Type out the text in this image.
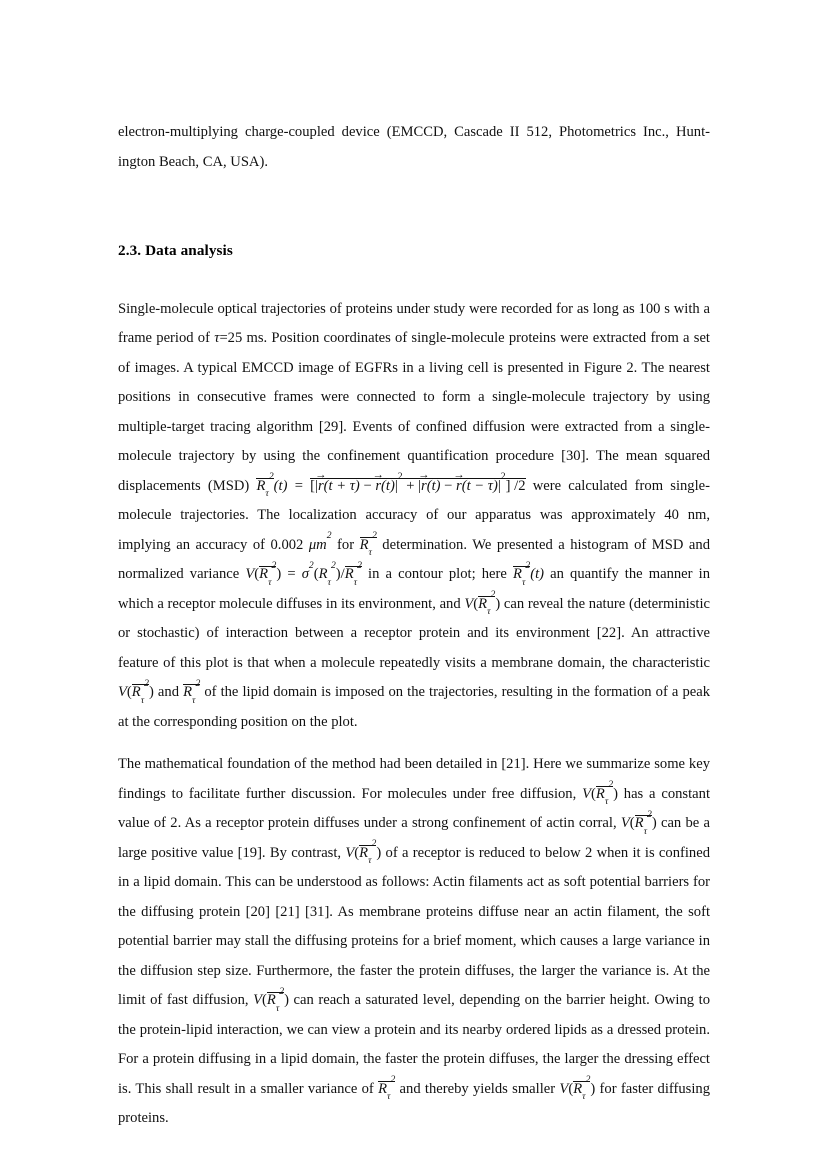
electron-multiplying charge-coupled device (EMCCD, Cascade II 512, Photometrics Inc., Hunt- ington Beach, CA, USA).

2.3. Data analysis

Single-molecule optical trajectories of proteins under study were recorded for as long as 100 s with a frame period of τ=25 ms. Position coordinates of single-molecule proteins were extracted from a set of images. A typical EMCCD image of EGFRs in a living cell is presented in Figure 2. The nearest positions in consecutive frames were connected to form a single-molecule trajectory by using multiple-target tracing algorithm [29]. Events of confined diffusion were extracted from a single-molecule trajectory by using the confinement quantification procedure [30]. The mean squared displacements (MSD) $R_\tau^2(t)$ = [|
→
r(t + τ) −
→
$r(t)|^2$ + |
→
r(t) −
→
$r(t - \tau)|^2$] /2 were calculated from single-molecule trajectories. The localization accuracy of our apparatus was approximately 40 nm, implying an accuracy of 0.002 $\mu m^2$ for $R_\tau^2$ determination. We presented a histogram of MSD and normalized variance $V(R_\tau^2) = \sigma^2(R_\tau^2)/R_\tau^2$ in a contour plot; here $R_\tau^2(t)$ an quantify the manner in which a receptor molecule diffuses in its environment, and $V(R_\tau^2)$ can reveal the nature (deterministic or stochastic) of interaction between a receptor protein and its environment [22]. An attractive feature of this plot is that when a molecule repeatedly visits a membrane domain, the characteristic $V(R_\tau^2)$ and $R_\tau^2$ of the lipid domain is imposed on the trajectories, resulting in the formation of a peak at the corresponding position on the plot.

The mathematical foundation of the method had been detailed in [21]. Here we summarize some key findings to facilitate further discussion. For molecules under free diffusion, $V(R_\tau^2)$ has a constant value of 2. As a receptor protein diffuses under a strong confinement of actin corral, $V(R_\tau^2)$ can be a large positive value [19]. By contrast, $V(R_\tau^2)$ of a receptor is reduced to below 2 when it is confined in a lipid domain. This can be understood as follows: Actin filaments act as soft potential barriers for the diffusing protein [20] [21] [31]. As membrane proteins diffuse near an actin filament, the soft potential barrier may stall the diffusing proteins for a brief moment, which causes a large variance in the diffusion step size. Furthermore, the faster the protein diffuses, the larger the variance is. At the limit of fast diffusion, $V(R_\tau^2)$ can reach a saturated level, depending on the barrier height. Owing to the protein-lipid interaction, we can view a protein and its nearby ordered lipids as a dressed protein. For a protein diffusing in a lipid domain, the faster the protein diffuses, the larger the dressing effect is. This shall result in a smaller variance of $R_\tau^2$ and thereby yields smaller $V(R_\tau^2)$ for faster diffusing proteins.
